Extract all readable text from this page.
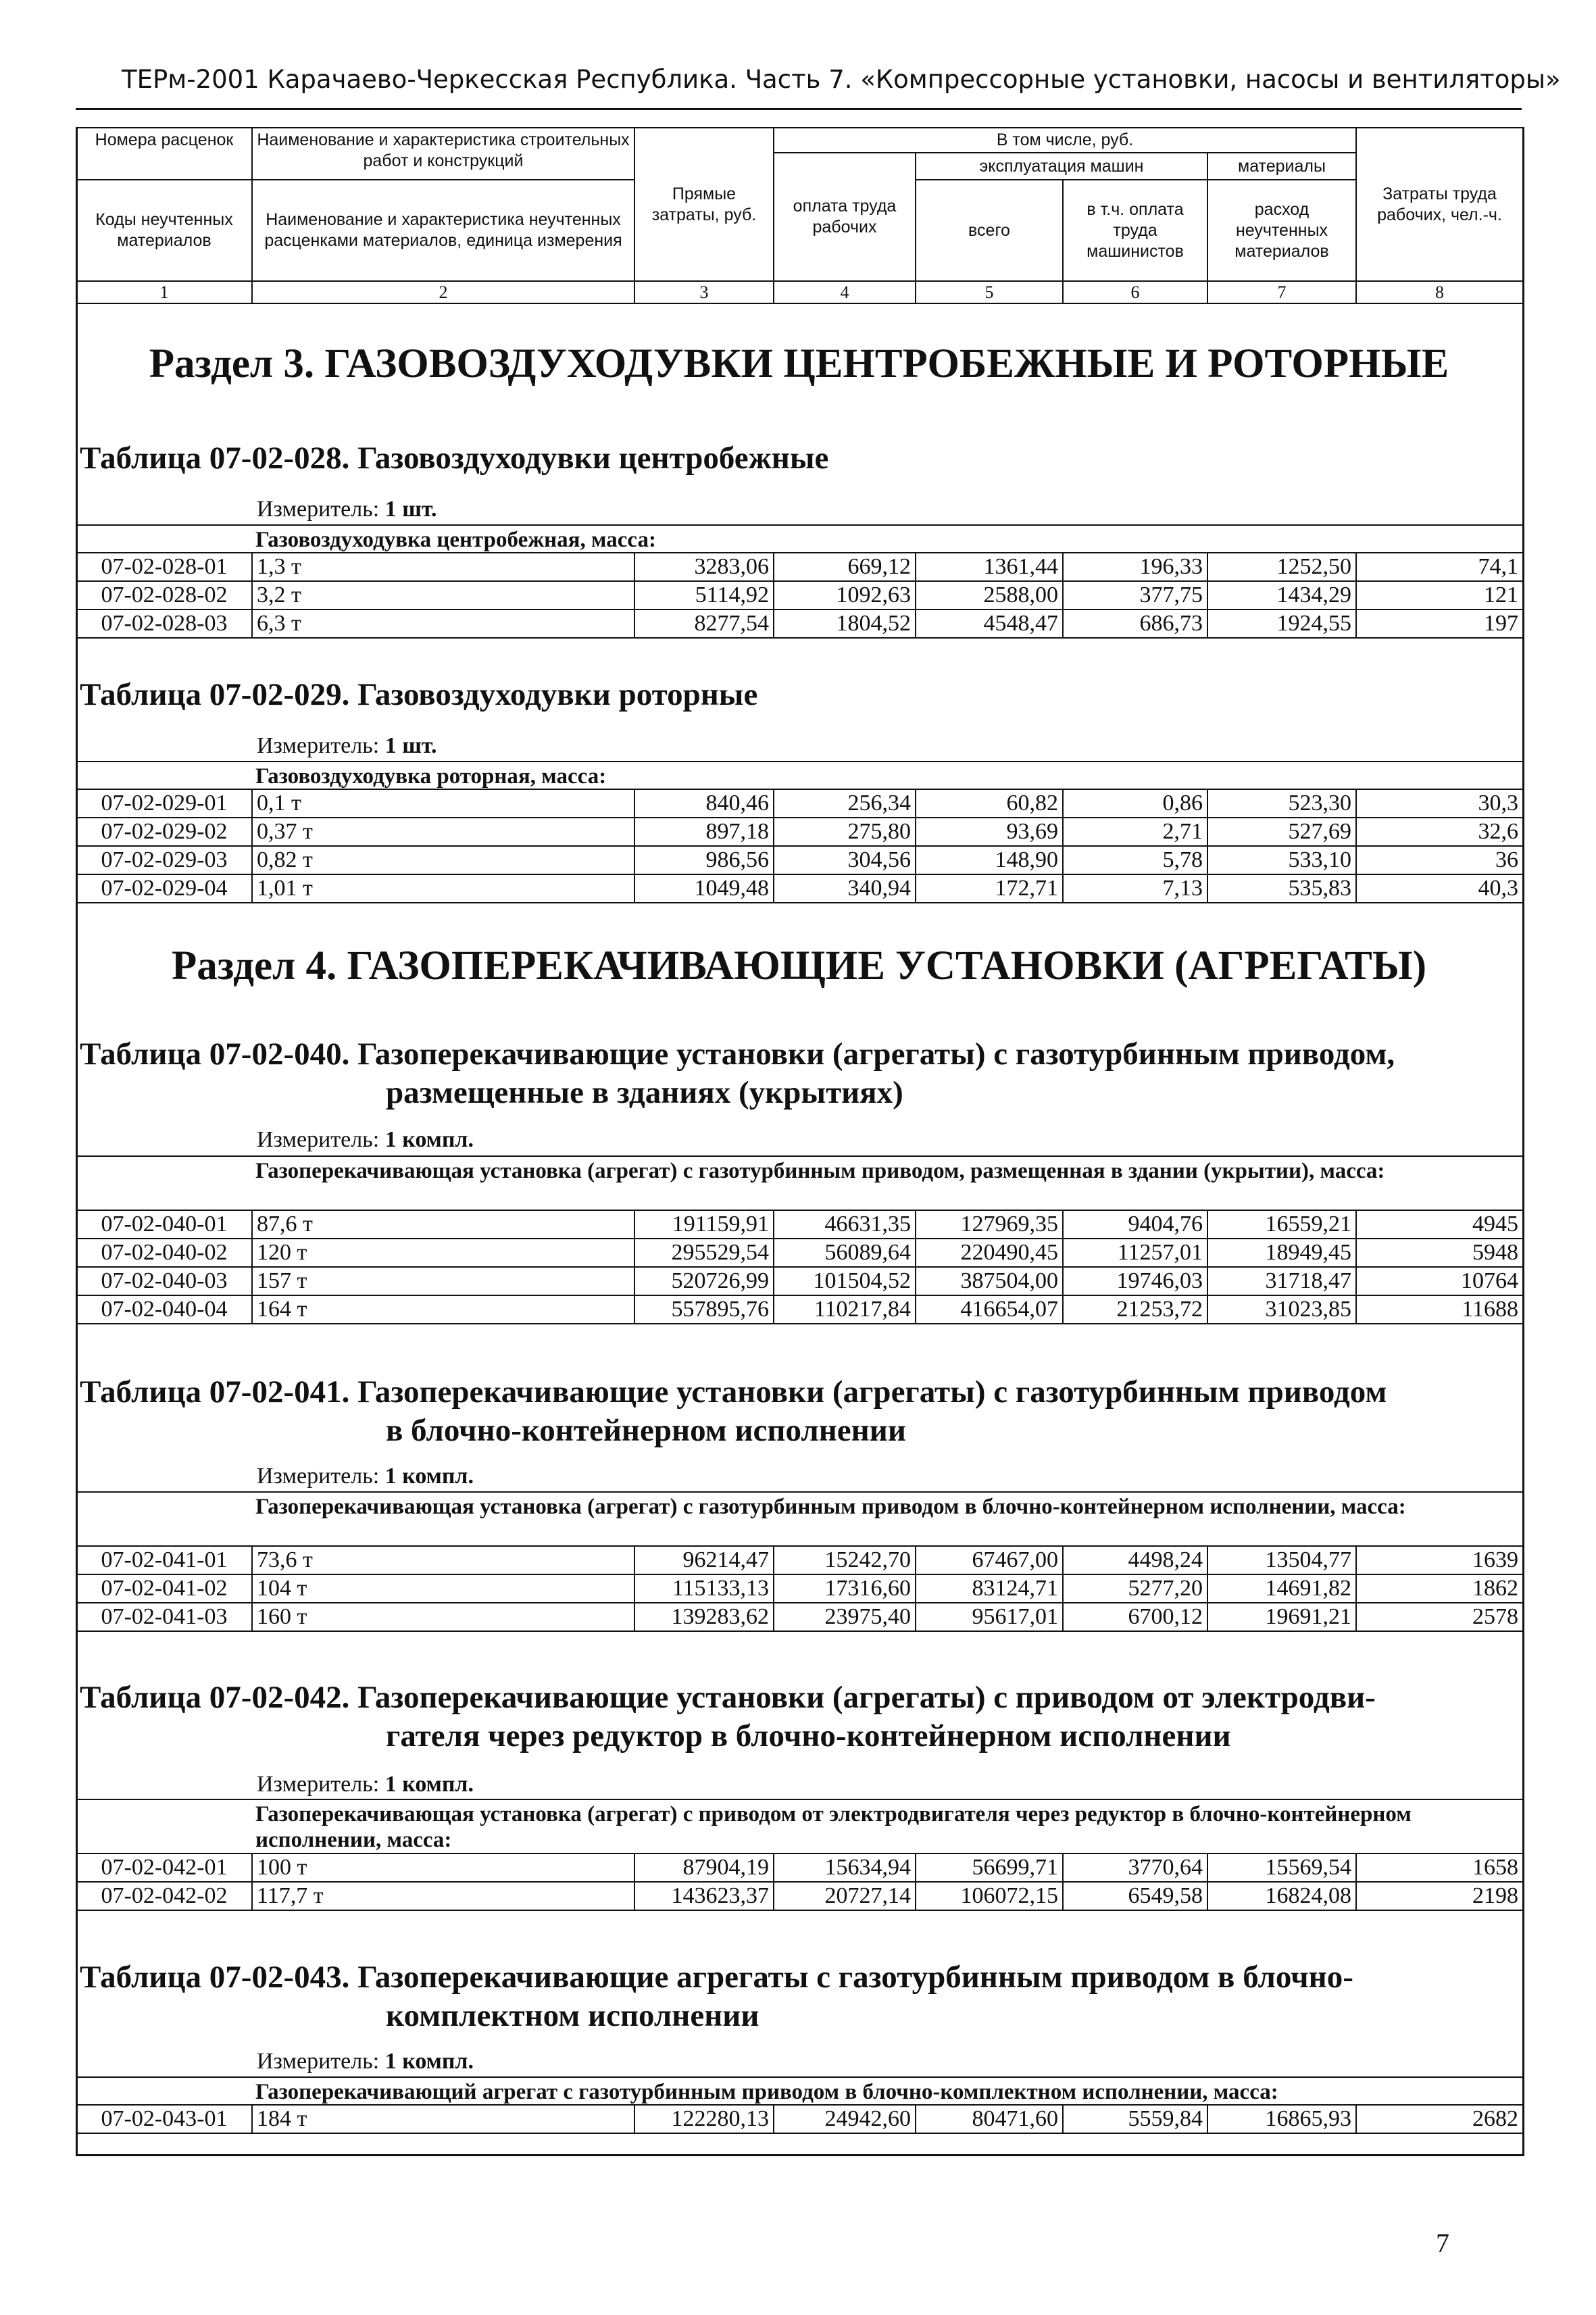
ТЕРм-2001 Карачаево-Черкесская Республика. Часть 7. «Компрессорные установки, насосы и вентиляторы»
Номера расценок	Наименование и характеристика строительных работ и конструкций	Прямые затраты, руб.	В том числе, руб.				Затраты труда рабочих, чел.-ч.
			оплата труда рабочих	эксплуатация машин		материалы	
Коды неучтенных материалов	Наименование и характеристика неучтенных расценками материалов, единица измерения			всего	в т.ч. оплата труда машинистов	расход неучтенных материалов	

1	2	3	4	5	6	7	8
Раздел 3. ГАЗОВОЗДУХОДУВКИ ЦЕНТРОБЕЖНЫЕ И РОТОРНЫЕ
Таблица 07-02-028. Газовоздуходувки центробежные
Измеритель: 1 шт.
Газовоздуходувка центробежная, масса:
07-02-028-01	1,3 т	3283,06	669,12	1361,44	196,33	1252,50	74,1
07-02-028-02	3,2 т	5114,92	1092,63	2588,00	377,75	1434,29	121
07-02-028-03	6,3 т	8277,54	1804,52	4548,47	686,73	1924,55	197
Таблица 07-02-029. Газовоздуходувки роторные
Измеритель: 1 шт.
Газовоздуходувка роторная, масса:
07-02-029-01	0,1 т	840,46	256,34	60,82	0,86	523,30	30,3
07-02-029-02	0,37 т	897,18	275,80	93,69	2,71	527,69	32,6
07-02-029-03	0,82 т	986,56	304,56	148,90	5,78	533,10	36
07-02-029-04	1,01 т	1049,48	340,94	172,71	7,13	535,83	40,3
Раздел 4. ГАЗОПЕРЕКАЧИВАЮЩИЕ УСТАНОВКИ (АГРЕГАТЫ)
Таблица 07-02-040. Газоперекачивающие установки (агрегаты) с газотурбинным приводом,
размещенные в зданиях (укрытиях)
Измеритель: 1 компл.
Газоперекачивающая установка (агрегат) с газотурбинным приводом, размещенная в здании (укрытии), масса:
07-02-040-01	87,6 т	191159,91	46631,35	127969,35	9404,76	16559,21	4945
07-02-040-02	120 т	295529,54	56089,64	220490,45	11257,01	18949,45	5948
07-02-040-03	157 т	520726,99	101504,52	387504,00	19746,03	31718,47	10764
07-02-040-04	164 т	557895,76	110217,84	416654,07	21253,72	31023,85	11688
Таблица 07-02-041. Газоперекачивающие установки (агрегаты) с газотурбинным приводом
в блочно-контейнерном исполнении
Измеритель: 1 компл.
Газоперекачивающая установка (агрегат) с газотурбинным приводом в блочно-контейнерном исполнении, масса:
07-02-041-01	73,6 т	96214,47	15242,70	67467,00	4498,24	13504,77	1639
07-02-041-02	104 т	115133,13	17316,60	83124,71	5277,20	14691,82	1862
07-02-041-03	160 т	139283,62	23975,40	95617,01	6700,12	19691,21	2578
Таблица 07-02-042. Газоперекачивающие установки (агрегаты) с приводом от электродви-
гателя через редуктор в блочно-контейнерном исполнении
Измеритель: 1 компл.
Газоперекачивающая установка (агрегат) с приводом от электродвигателя через редуктор в блочно-контейнерном исполнении, масса:
07-02-042-01	100 т	87904,19	15634,94	56699,71	3770,64	15569,54	1658
07-02-042-02	117,7 т	143623,37	20727,14	106072,15	6549,58	16824,08	2198
Таблица 07-02-043. Газоперекачивающие агрегаты с газотурбинным приводом в блочно-
комплектном исполнении
Измеритель: 1 компл.
Газоперекачивающий агрегат с газотурбинным приводом в блочно-комплектном исполнении, масса:
07-02-043-01	184 т	122280,13	24942,60	80471,60	5559,84	16865,93	2682
7
